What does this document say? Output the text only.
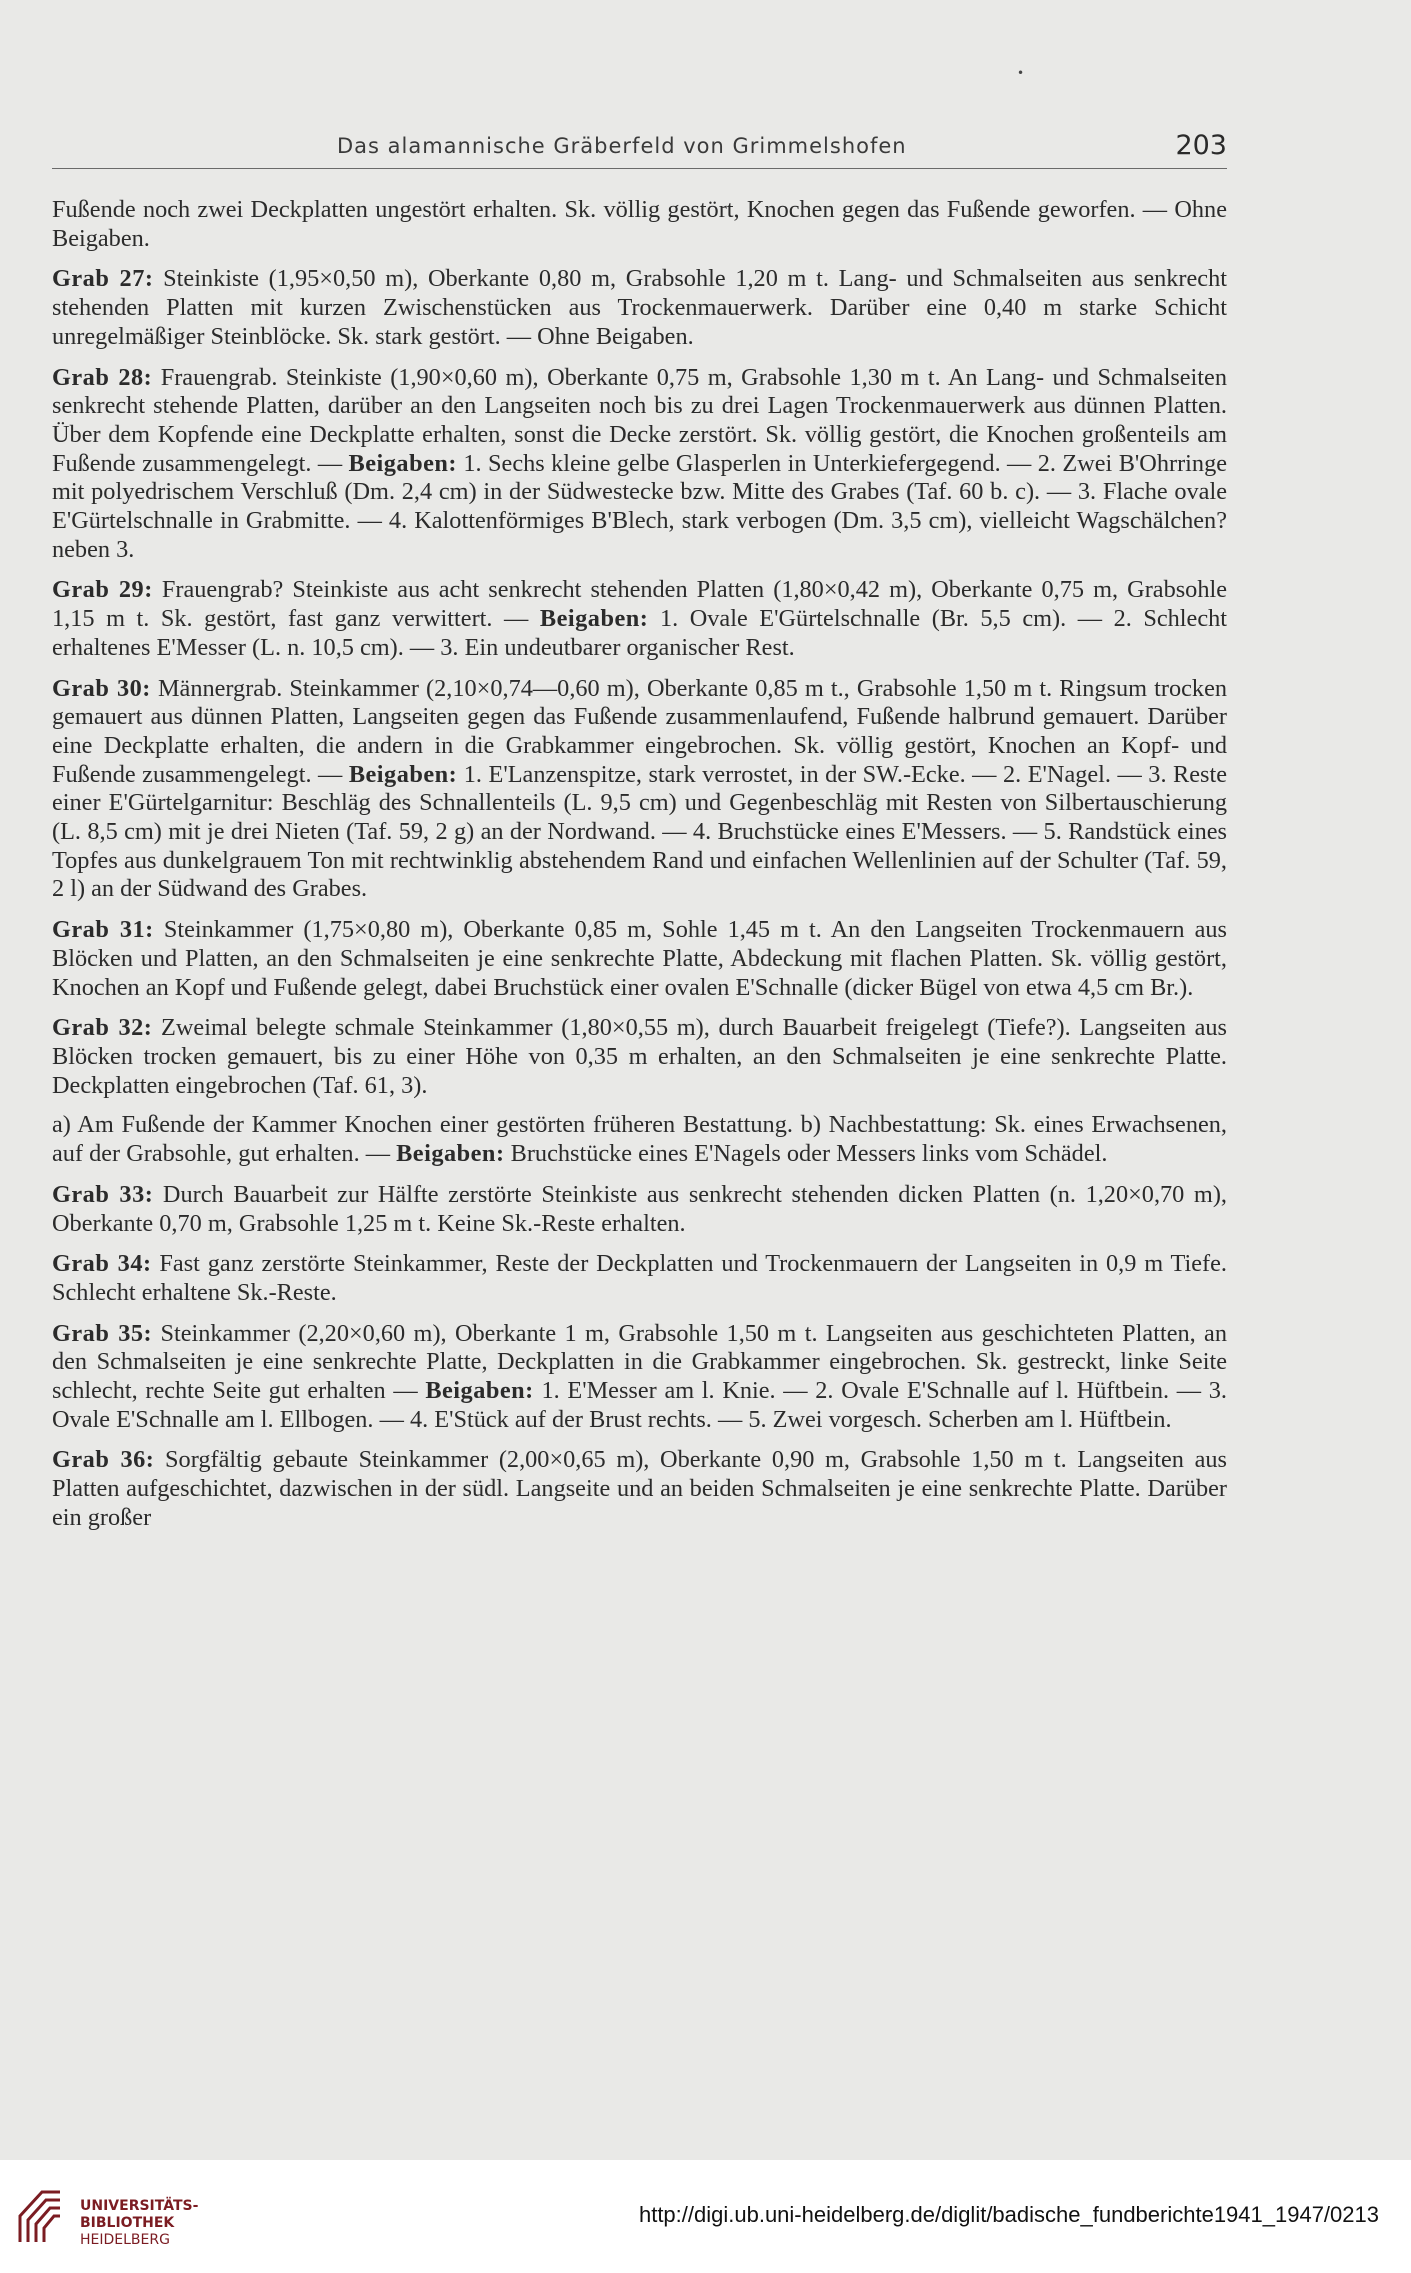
•
Das alamannische Gräberfeld von Grimmelshofen	203

Fußende noch zwei Deckplatten ungestört erhalten. Sk. völlig gestört, Knochen gegen das Fußende geworfen. — Ohne Beigaben.

Grab 27: Steinkiste (1,95×0,50 m), Oberkante 0,80 m, Grabsohle 1,20 m t. Lang- und Schmalseiten aus senkrecht stehenden Platten mit kurzen Zwischenstücken aus Trockenmauerwerk. Darüber eine 0,40 m starke Schicht unregelmäßiger Steinblöcke. Sk. stark gestört. — Ohne Beigaben.

Grab 28: Frauengrab. Steinkiste (1,90×0,60 m), Oberkante 0,75 m, Grabsohle 1,30 m t. An Lang- und Schmalseiten senkrecht stehende Platten, darüber an den Langseiten noch bis zu drei Lagen Trockenmauerwerk aus dünnen Platten. Über dem Kopfende eine Deckplatte erhalten, sonst die Decke zerstört. Sk. völlig gestört, die Knochen großenteils am Fußende zusammengelegt. — Beigaben: 1. Sechs kleine gelbe Glasperlen in Unterkiefergegend. — 2. Zwei B'Ohrringe mit polyedrischem Verschluß (Dm. 2,4 cm) in der Südwestecke bzw. Mitte des Grabes (Taf. 60 b. c). — 3. Flache ovale E'Gürtelschnalle in Grabmitte. — 4. Kalottenförmiges B'Blech, stark verbogen (Dm. 3,5 cm), vielleicht Wagschälchen? neben 3.

Grab 29: Frauengrab? Steinkiste aus acht senkrecht stehenden Platten (1,80×0,42 m), Oberkante 0,75 m, Grabsohle 1,15 m t. Sk. gestört, fast ganz verwittert. — Beigaben: 1. Ovale E'Gürtelschnalle (Br. 5,5 cm). — 2. Schlecht erhaltenes E'Messer (L. n. 10,5 cm). — 3. Ein undeutbarer organischer Rest.

Grab 30: Männergrab. Steinkammer (2,10×0,74—0,60 m), Oberkante 0,85 m t., Grabsohle 1,50 m t. Ringsum trocken gemauert aus dünnen Platten, Langseiten gegen das Fußende zusammenlaufend, Fußende halbrund gemauert. Darüber eine Deckplatte erhalten, die andern in die Grabkammer eingebrochen. Sk. völlig gestört, Knochen an Kopf- und Fußende zusammengelegt. — Beigaben: 1. E'Lanzenspitze, stark verrostet, in der SW.-Ecke. — 2. E'Nagel. — 3. Reste einer E'Gürtelgarnitur: Beschläg des Schnallenteils (L. 9,5 cm) und Gegenbeschläg mit Resten von Silbertauschierung (L. 8,5 cm) mit je drei Nieten (Taf. 59, 2 g) an der Nordwand. — 4. Bruchstücke eines E'Messers. — 5. Randstück eines Topfes aus dunkelgrauem Ton mit rechtwinklig abstehendem Rand und einfachen Wellenlinien auf der Schulter (Taf. 59, 2 l) an der Südwand des Grabes.

Grab 31: Steinkammer (1,75×0,80 m), Oberkante 0,85 m, Sohle 1,45 m t. An den Langseiten Trockenmauern aus Blöcken und Platten, an den Schmalseiten je eine senkrechte Platte, Abdeckung mit flachen Platten. Sk. völlig gestört, Knochen an Kopf und Fußende gelegt, dabei Bruchstück einer ovalen E'Schnalle (dicker Bügel von etwa 4,5 cm Br.).

Grab 32: Zweimal belegte schmale Steinkammer (1,80×0,55 m), durch Bauarbeit freigelegt (Tiefe?). Langseiten aus Blöcken trocken gemauert, bis zu einer Höhe von 0,35 m erhalten, an den Schmalseiten je eine senkrechte Platte. Deckplatten eingebrochen (Taf. 61, 3).

a) Am Fußende der Kammer Knochen einer gestörten früheren Bestattung. b) Nachbestattung: Sk. eines Erwachsenen, auf der Grabsohle, gut erhalten. — Beigaben: Bruchstücke eines E'Nagels oder Messers links vom Schädel.

Grab 33: Durch Bauarbeit zur Hälfte zerstörte Steinkiste aus senkrecht stehenden dicken Platten (n. 1,20×0,70 m), Oberkante 0,70 m, Grabsohle 1,25 m t. Keine Sk.-Reste erhalten.

Grab 34: Fast ganz zerstörte Steinkammer, Reste der Deckplatten und Trockenmauern der Langseiten in 0,9 m Tiefe. Schlecht erhaltene Sk.-Reste.

Grab 35: Steinkammer (2,20×0,60 m), Oberkante 1 m, Grabsohle 1,50 m t. Langseiten aus geschichteten Platten, an den Schmalseiten je eine senkrechte Platte, Deckplatten in die Grabkammer eingebrochen. Sk. gestreckt, linke Seite schlecht, rechte Seite gut erhalten — Beigaben: 1. E'Messer am l. Knie. — 2. Ovale E'Schnalle auf l. Hüftbein. — 3. Ovale E'Schnalle am l. Ellbogen. — 4. E'Stück auf der Brust rechts. — 5. Zwei vorgesch. Scherben am l. Hüftbein.

Grab 36: Sorgfältig gebaute Steinkammer (2,00×0,65 m), Oberkante 0,90 m, Grabsohle 1,50 m t. Langseiten aus Platten aufgeschichtet, dazwischen in der südl. Langseite und an beiden Schmalseiten je eine senkrechte Platte. Darüber ein großer

UNIVERSITÄTS-
BIBLIOTHEK
HEIDELBERG
http://digi.ub.uni-heidelberg.de/diglit/badische_fundberichte1941_1947/0213
